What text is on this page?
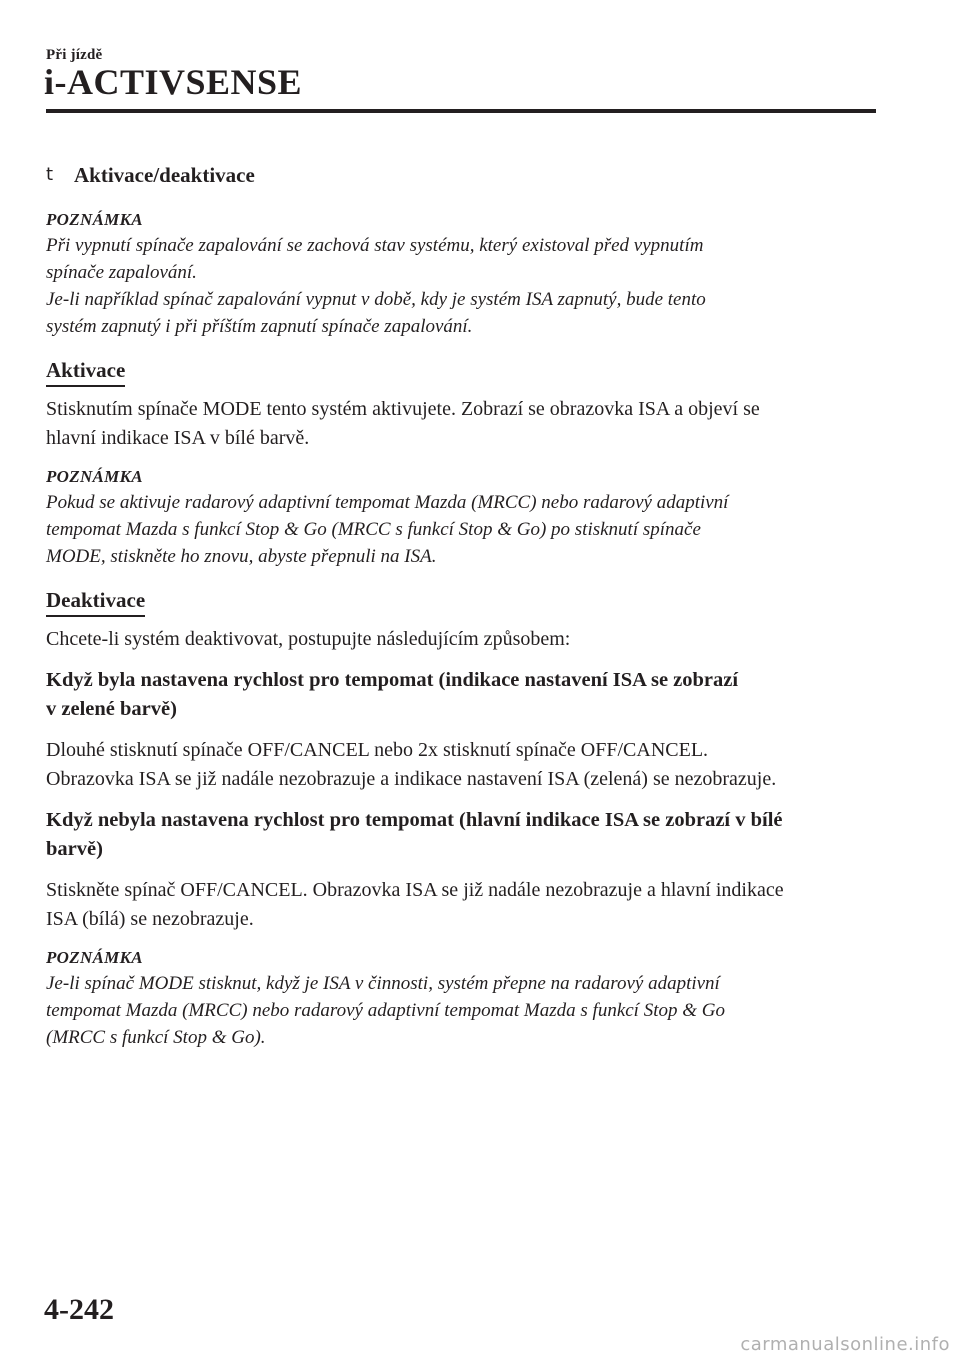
Při jízdě
i-ACTIVSENSE
t Aktivace/deaktivace
POZNÁMKA
Při vypnutí spínače zapalování se zachová stav systému, který existoval před vypnutím
spínače zapalování.
Je-li například spínač zapalování vypnut v době, kdy je systém ISA zapnutý, bude tento
systém zapnutý i při příštím zapnutí spínače zapalování.
Aktivace
Stisknutím spínače MODE tento systém aktivujete. Zobrazí se obrazovka ISA a objeví se
hlavní indikace ISA v bílé barvě.
POZNÁMKA
Pokud se aktivuje radarový adaptivní tempomat Mazda (MRCC) nebo radarový adaptivní
tempomat Mazda s funkcí Stop & Go (MRCC s funkcí Stop & Go) po stisknutí spínače
MODE, stiskněte ho znovu, abyste přepnuli na ISA.
Deaktivace
Chcete-li systém deaktivovat, postupujte následujícím způsobem:
Když byla nastavena rychlost pro tempomat (indikace nastavení ISA se zobrazí
v zelené barvě)
Dlouhé stisknutí spínače OFF/CANCEL nebo 2x stisknutí spínače OFF/CANCEL.
Obrazovka ISA se již nadále nezobrazuje a indikace nastavení ISA (zelená) se nezobrazuje.
Když nebyla nastavena rychlost pro tempomat (hlavní indikace ISA se zobrazí v bílé
barvě)
Stiskněte spínač OFF/CANCEL. Obrazovka ISA se již nadále nezobrazuje a hlavní indikace
ISA (bílá) se nezobrazuje.
POZNÁMKA
Je-li spínač MODE stisknut, když je ISA v činnosti, systém přepne na radarový adaptivní
tempomat Mazda (MRCC) nebo radarový adaptivní tempomat Mazda s funkcí Stop & Go
(MRCC s funkcí Stop & Go).
4-242
carmanualsonline.info
